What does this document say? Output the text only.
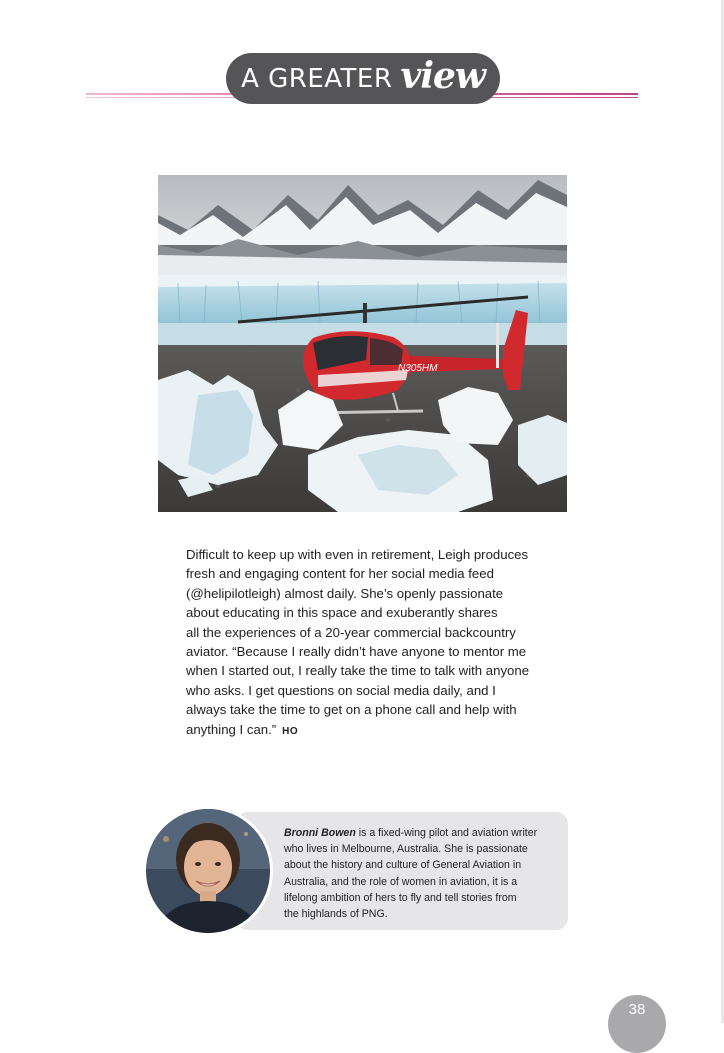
A GREATER view
N305HM
Difficult to keep up with even in retirement, Leigh produces
fresh and engaging content for her social media feed
(@helipilotleigh) almost daily. She’s openly passionate
about educating in this space and exuberantly shares
all the experiences of a 20-year commercial backcountry
aviator. “Because I really didn’t have anyone to mentor me
when I started out, I really take the time to talk with anyone
who asks. I get questions on social media daily, and I
always take the time to get on a phone call and help with
anything I can.” HO
Bronni Bowen is a fixed-wing pilot and aviation writer
who lives in Melbourne, Australia. She is passionate
about the history and culture of General Aviation in
Australia, and the role of women in aviation, it is a
lifelong ambition of hers to fly and tell stories from
the highlands of PNG.
38
